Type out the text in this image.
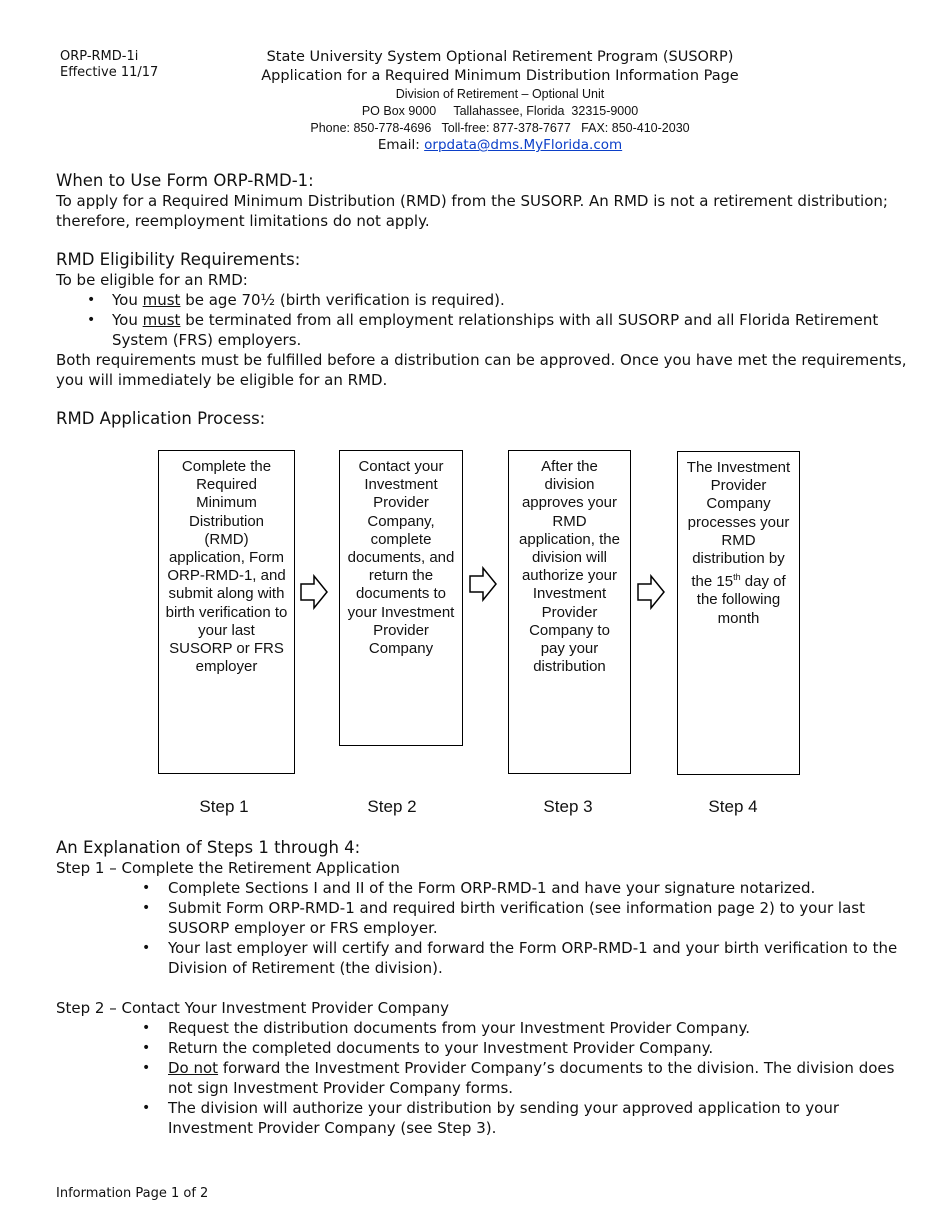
ORP-RMD-1i
Effective 11/17
State University System Optional Retirement Program (SUSORP)
Application for a Required Minimum Distribution Information Page
Division of Retirement – Optional Unit
PO Box 9000     Tallahassee, Florida  32315-9000
Phone: 850-778-4696   Toll-free: 877-378-7677   FAX: 850-410-2030
Email: orpdata@dms.MyFlorida.com
When to Use Form ORP-RMD-1:
To apply for a Required Minimum Distribution (RMD) from the SUSORP. An RMD is not a retirement distribution; therefore, reemployment limitations do not apply.
RMD Eligibility Requirements:
To be eligible for an RMD:
• You must be age 70½ (birth verification is required).
• You must be terminated from all employment relationships with all SUSORP and all Florida Retirement System (FRS) employers.
Both requirements must be fulfilled before a distribution can be approved. Once you have met the requirements, you will immediately be eligible for an RMD.
RMD Application Process:
Complete the Required Minimum Distribution (RMD) application, Form ORP-RMD-1, and submit along with birth verification to your last SUSORP or FRS employer
Contact your Investment Provider Company, complete documents, and return the documents to your Investment Provider Company
After the division approves your RMD application, the division will authorize your Investment Provider Company to pay your distribution
The Investment Provider Company processes your RMD distribution by the 15th day of the following month
Step 1	Step 2	Step 3	Step 4
An Explanation of Steps 1 through 4:
Step 1 – Complete the Retirement Application
• Complete Sections I and II of the Form ORP-RMD-1 and have your signature notarized.
• Submit Form ORP-RMD-1 and required birth verification (see information page 2) to your last SUSORP employer or FRS employer.
• Your last employer will certify and forward the Form ORP-RMD-1 and your birth verification to the Division of Retirement (the division).
Step 2 – Contact Your Investment Provider Company
• Request the distribution documents from your Investment Provider Company.
• Return the completed documents to your Investment Provider Company.
• Do not forward the Investment Provider Company’s documents to the division. The division does not sign Investment Provider Company forms.
• The division will authorize your distribution by sending your approved application to your Investment Provider Company (see Step 3).
Information Page 1 of 2
